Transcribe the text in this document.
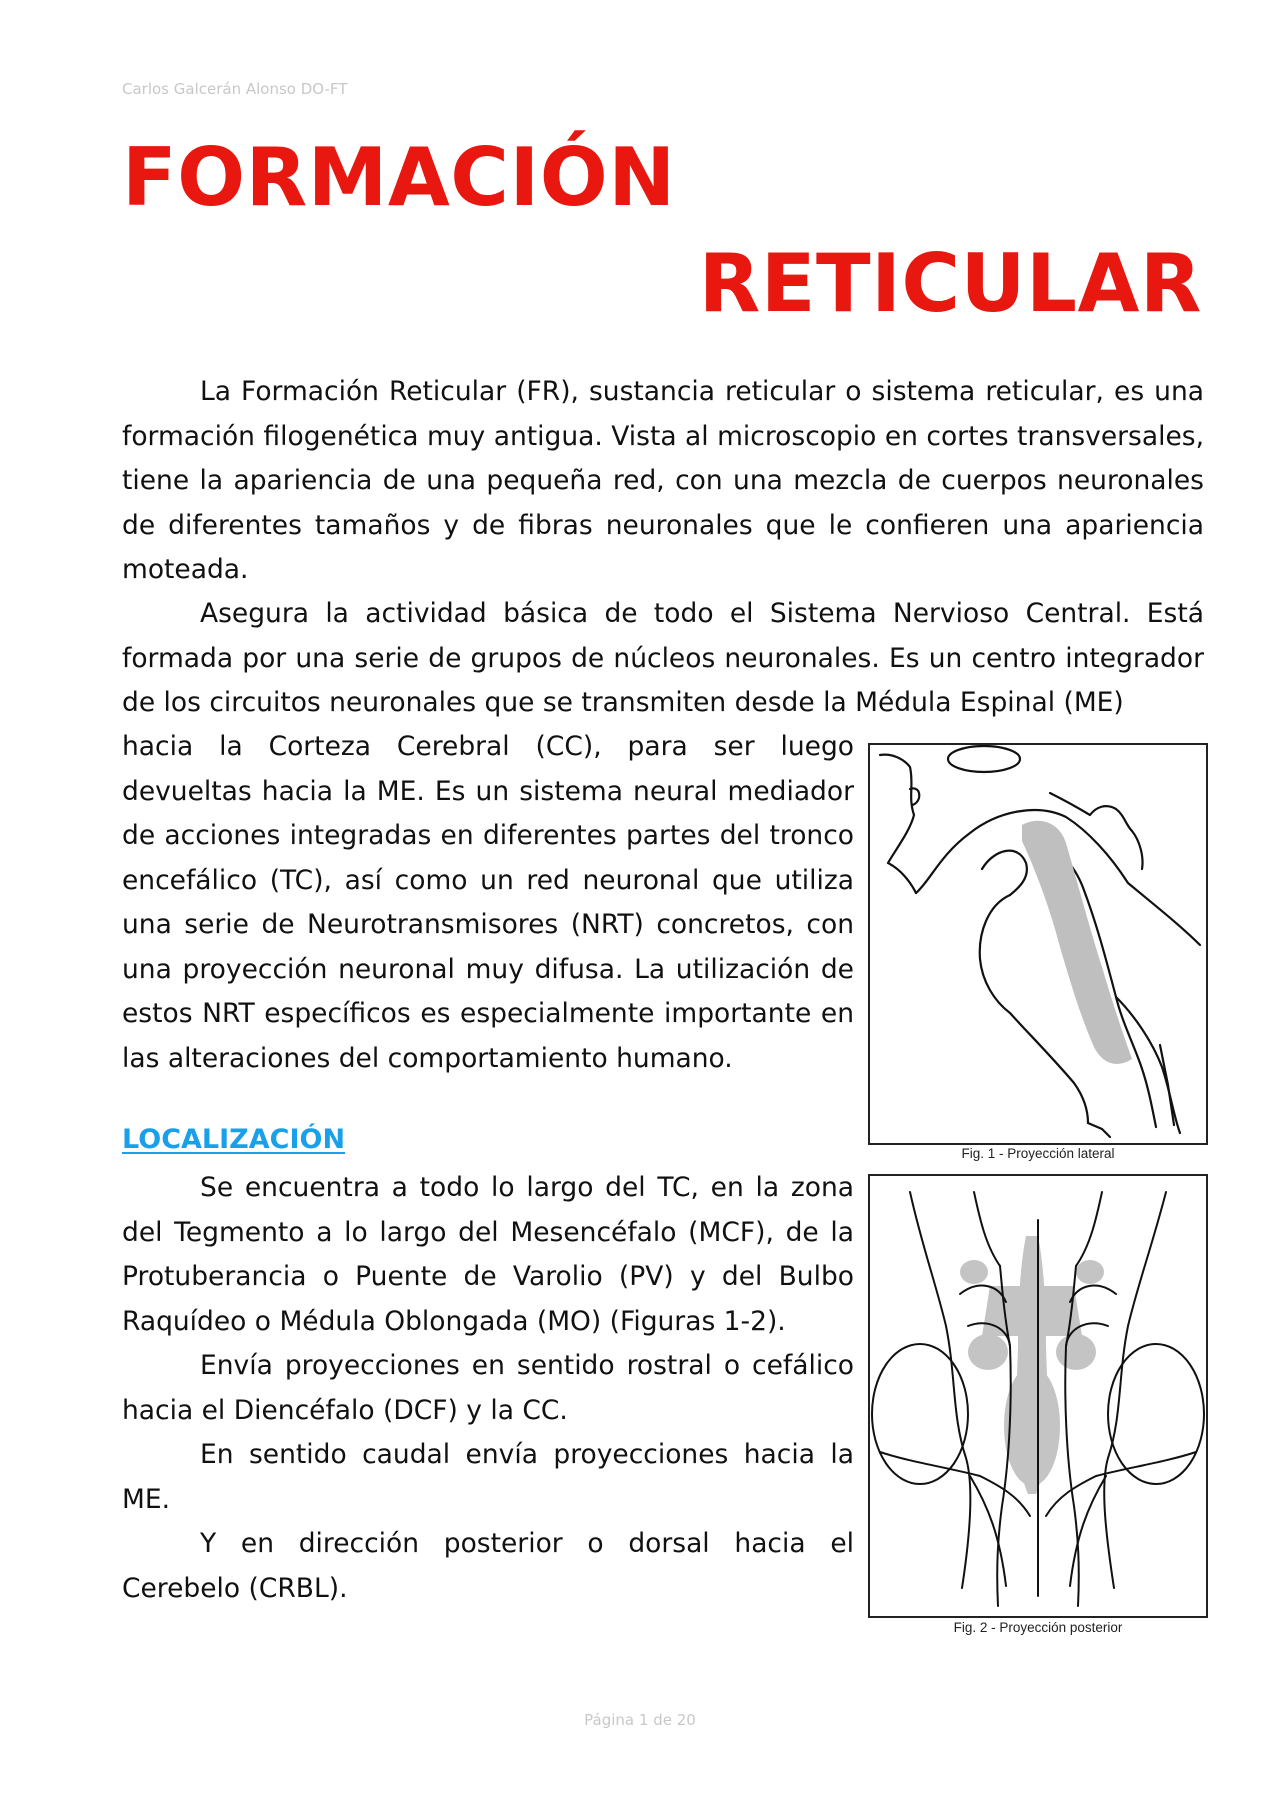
Carlos Galcerán Alonso DO-FT
FORMACIÓN
RETICULAR

La Formación Reticular (FR), sustancia reticular o sistema reticular, es una formación filogenética muy antigua. Vista al microscopio en cortes transversales, tiene la apariencia de una pequeña red, con una mezcla de cuerpos neuronales de diferentes tamaños y de fibras neuronales que le confieren una apariencia moteada.

Asegura la actividad básica de todo el Sistema Nervioso Central. Está formada por una serie de grupos de núcleos neuronales. Es un centro integrador de los circuitos neuronales que se transmiten desde la Médula Espinal (ME)

hacia la Corteza Cerebral (CC), para ser luego devueltas hacia la ME. Es un sistema neural mediador de acciones integradas en diferentes partes del tronco encefálico (TC), así como un red neuronal que utiliza una serie de Neurotransmisores (NRT) concretos, con una proyección neuronal muy difusa. La utilización de estos NRT específicos es especialmente importante en las alteraciones del comportamiento humano.

LOCALIZACIÓN

Se encuentra a todo lo largo del TC, en la zona del Tegmento a lo largo del Mesencéfalo (MCF), de la Protuberancia o Puente de Varolio (PV) y del Bulbo Raquídeo o Médula Oblongada (MO) (Figuras 1-2).

Envía proyecciones en sentido rostral o cefálico hacia el Diencéfalo (DCF) y la CC.

En sentido caudal envía proyecciones hacia la ME.

Y en dirección posterior o dorsal hacia el Cerebelo (CRBL).

Fig. 1 - Proyección lateral
Fig. 2 - Proyección posterior
Página 1 de 20
